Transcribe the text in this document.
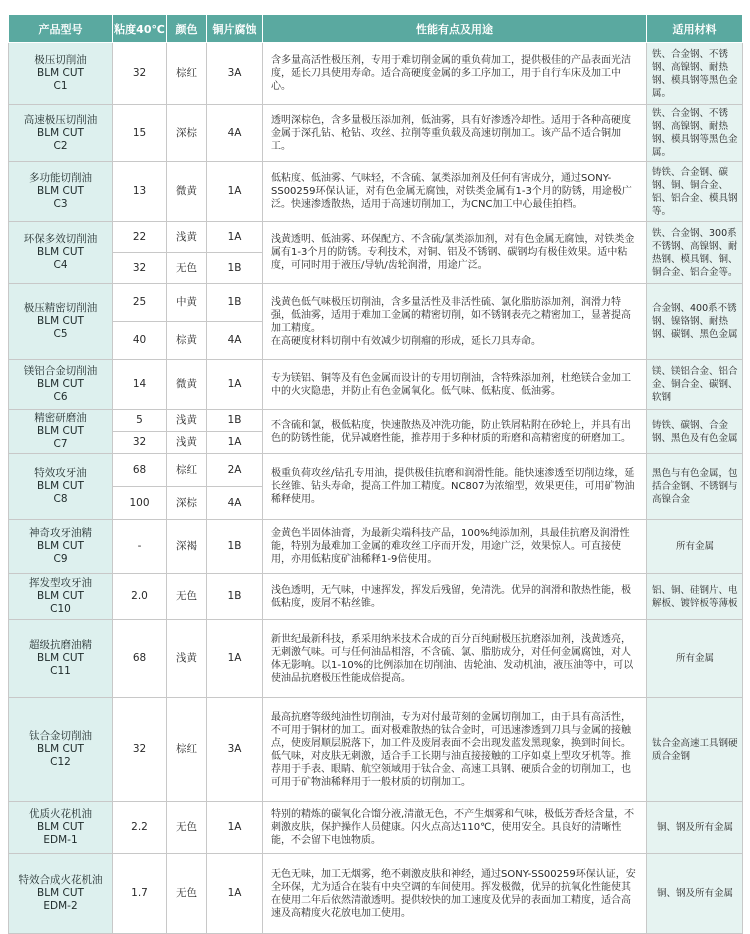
产品型号	粘度40℃	颜色	铜片腐蚀	性能有点及用途	适用材料

极压切削油
BLM CUT
C1	32	棕红	3A	含多量高活性极压剂，专用于难切削金属的重负荷加工，提供极佳的产品表面光洁度，延长刀具使用寿命。适合高硬度金属的多工序加工，用于自行车床及加工中心。	铁、合金钢、不锈钢、高镍钢、耐热钢、模具钢等黑色金属。

高速极压切削油
BLM CUT
C2	15	深棕	4A	透明深棕色，含多量极压添加剂，低油雾，具有好渗透冷却性。适用于各种高硬度金属于深孔钻、枪钻、攻丝、拉削等重负载及高速切削加工。该产品不适合铜加工。	铁、合金钢、不锈钢、高镍钢、耐热钢、模具钢等黑色金属。

多功能切削油
BLM CUT
C3	13	微黄	1A	低粘度、低油雾、气味轻，不含硫、氯类添加剂及任何有害成分，通过SONY-SS00259环保认证，对有色金属无腐蚀，对铁类金属有1-3个月的防锈，用途极广泛。快速渗透散热，适用于高速切削加工，为CNC加工中心最佳拍档。	铸铁、合金钢、碳钢、铜、铜合金、铝、铝合金、模具钢等。

环保多效切削油
BLM CUT
C4	22	浅黄	1A	浅黄透明、低油雾、环保配方、不含硫/氯类添加剂，对有色金属无腐蚀，对铁类金属有1-3个月的防锈。专利技术，对铜、铝及不锈钢、碳钢均有极佳效果。适中粘度，可同时用于液压/导轨/齿轮润滑，用途广泛。	铁、合金钢、300系不锈钢、高镍钢、耐热钢、模具钢、铜、铜合金、铝合金等。
	32	无色	1B		

极压精密切削油
BLM CUT
C5	25	中黄	1B	浅黄色低气味极压切削油，含多量活性及非活性硫、氯化脂肪添加剂，润滑力特强，低油雾，适用于难加工金属的精密切削，如不锈钢表壳之精密加工，显著提高加工精度。
在高硬度材料切削中有效减少切削瘤的形成，延长刀具寿命。	合金钢、400系不锈钢、镍铬钢、耐热钢、碳钢、黑色金属
	40	棕黄	4A		

镁铝合金切削油
BLM CUT
C6	14	微黄	1A	专为镁铝、铜等及有色金属而设计的专用切削油，含特殊添加剂，杜绝镁合金加工中的火灾隐患，并防止有色金属氧化。低气味、低粘度、低油雾。	镁、镁铝合金、铝合金、铜合金、碳钢、软钢

精密研磨油
BLM CUT
C7	5	浅黄	1B	不含硫和氯，极低粘度，快速散热及冲洗功能，防止铁屑粘附在砂轮上，并具有出色的防锈性能，优异减磨性能，推荐用于多种材质的珩磨和高精密度的研磨加工。	铸铁、碳钢、合金钢、黑色及有色金属
	32	浅黄	1A		

特效攻牙油
BLM CUT
C8	68	棕红	2A	极重负荷攻丝/钻孔专用油，提供极佳抗磨和润滑性能。能快速渗透至切削边缘，延长丝锥、钻头寿命，提高工件加工精度。NC807为浓缩型，效果更佳，可用矿物油稀释使用。	黑色与有色金属，包括合金钢、不锈钢与高镍合金
	100	深棕	4A		

神奇攻牙油精
BLM CUT
C9	-	深褐	1B	金黄色半固体油膏，为最新尖端科技产品，100%纯添加剂，具最佳抗磨及润滑性能，特别为最难加工金属的难攻丝工序而开发，用途广泛，效果惊人。可直接使用，亦用低粘度矿油稀释1-9倍使用。	所有金属

挥发型攻牙油
BLM CUT
C10	2.0	无色	1B	浅色透明，无气味，中速挥发，挥发后残留，免清洗。优异的润滑和散热性能，极低粘度，废屑不粘丝锥。	铝、铜、硅钢片、电解板、镀锌板等薄板

超级抗磨油精
BLM CUT
C11	68	浅黄	1A	新世纪最新科技，系采用纳米技术合成的百分百纯耐极压抗磨添加剂，浅黄透亮，无刺激气味。可与任何油品相溶，不含硫、氯、脂肪成分，对任何金属腐蚀，对人体无影响。以1-10%的比例添加在切削油、齿轮油、发动机油，液压油等中，可以使油品抗磨极压性能成倍提高。	所有金属

钛合金切削油
BLM CUT
C12	32	棕红	3A	最高抗磨等级纯油性切削油，专为对付最苛刻的金属切削加工，由于具有高活性，不可用于铜材的加工。面对极难散热的钛合金时，可迅速渗透到刀具与金属的接触点，使废屑顺层脱落下，加工件及废屑表面不会出现发蓝发黑现象，换到时间长。低气味，对皮肤无刺激，适合手工长期与油直接接触的工序如桌上型攻牙机等。推荐用于手表、眼睛、航空领域用于钛合金、高速工具钢、硬质合金的切削加工，也可用于矿物油稀释用于一般材质的切削加工。	钛合金高速工具钢硬质合金钢

优质火花机油
BLM CUT
EDM-1	2.2	无色	1A	特别的精炼的碳氧化合馏分液,清澈无色，不产生烟雾和气味，极低芳香烃含量，不刺激皮肤，保护操作人员健康。闪火点高达110℃，使用安全。具良好的清晰性能，不会留下电蚀物质。	铜、钢及所有金属

特效合成火花机油
BLM CUT
EDM-2	1.7	无色	1A	无色无味，加工无烟雾，绝不刺激皮肤和神经，通过SONY-SS00259环保认证，安全环保，尤为适合在装有中央空调的车间使用。挥发极微，优异的抗氧化性能使其在使用二年后依然清澈透明。提供较快的加工速度及优异的表面加工精度，适合高速及高精度火花放电加工使用。	铜、钢及所有金属
